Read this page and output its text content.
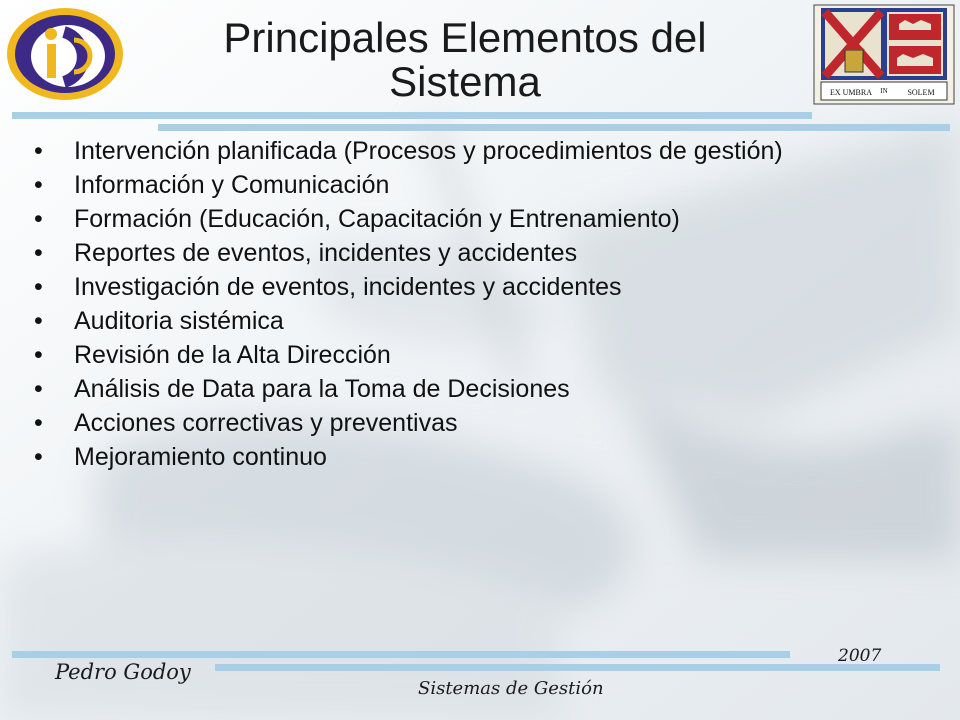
EX UMBRA IN SOLEM
Principales Elementos del Sistema
• Intervención planificada (Procesos y procedimientos de gestión)
• Información y Comunicación
• Formación (Educación, Capacitación y Entrenamiento)
• Reportes de eventos, incidentes y accidentes
• Investigación de eventos, incidentes y accidentes
• Auditoria sistémica
• Revisión de la Alta Dirección
• Análisis de Data para la Toma de Decisiones
• Acciones correctivas y preventivas
• Mejoramiento continuo
Pedro Godoy
2007
Sistemas de Gestión
